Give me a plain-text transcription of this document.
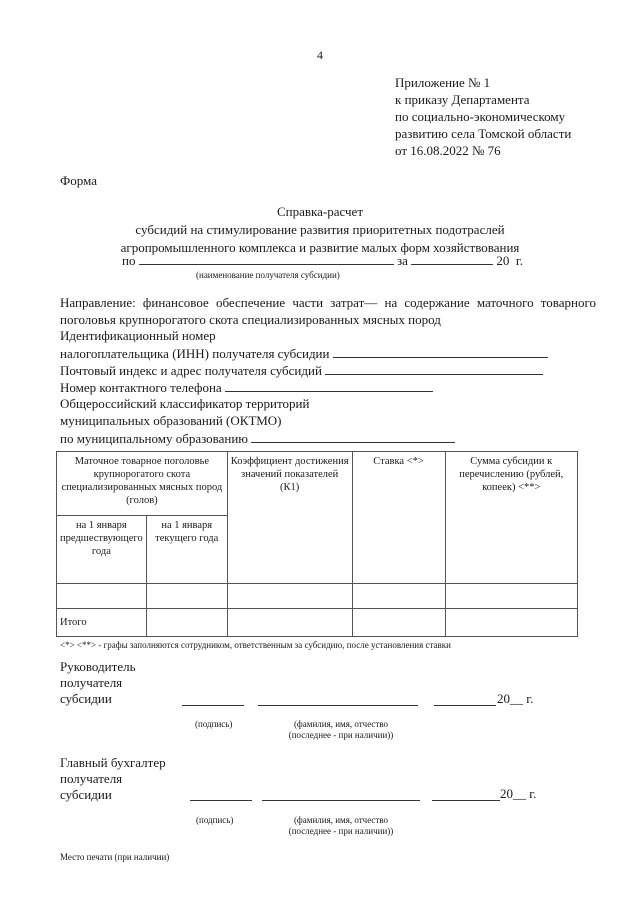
4
Приложение № 1
к приказу Департамента
по социально-экономическому
развитию села Томской области
от 16.08.2022 № 76
Форма
Справка-расчет
субсидий на стимулирование развития приоритетных подотраслей
агропромышленного комплекса и развитие малых форм хозяйствования
по	за	20 г.
(наименование получателя субсидии)
Направление: финансовое обеспечение части затрат— на содержание маточного товарного поголовья крупнорогатого скота специализированных мясных пород
Идентификационный номер
налогоплательщика (ИНН) получателя субсидии
Почтовый индекс и адрес получателя субсидий
Номер контактного телефона
Общероссийский классификатор территорий
муниципальных образований (ОКТМО)
по муниципальному образованию
Маточное товарное поголовье крупнорогатого скота специализированных мясных пород (голов)		Коэффициент достижения значений показателей (К1)	Ставка <*>	Сумма субсидии к перечислению (рублей, копеек) <**>
на 1 января предшествующего года	на 1 января текущего года			

Итого				
<*> <**> - графы заполняются сотрудником, ответственным за субсидию, после установления ставки
Руководитель
получателя
субсидии	20__ г.
(подпись)	(фамилия, имя, отчество
(последнее - при наличии))
Главный бухгалтер
получателя
субсидии	20__ г.
(подпись)	(фамилия, имя, отчество
(последнее - при наличии))
Место печати (при наличии)
